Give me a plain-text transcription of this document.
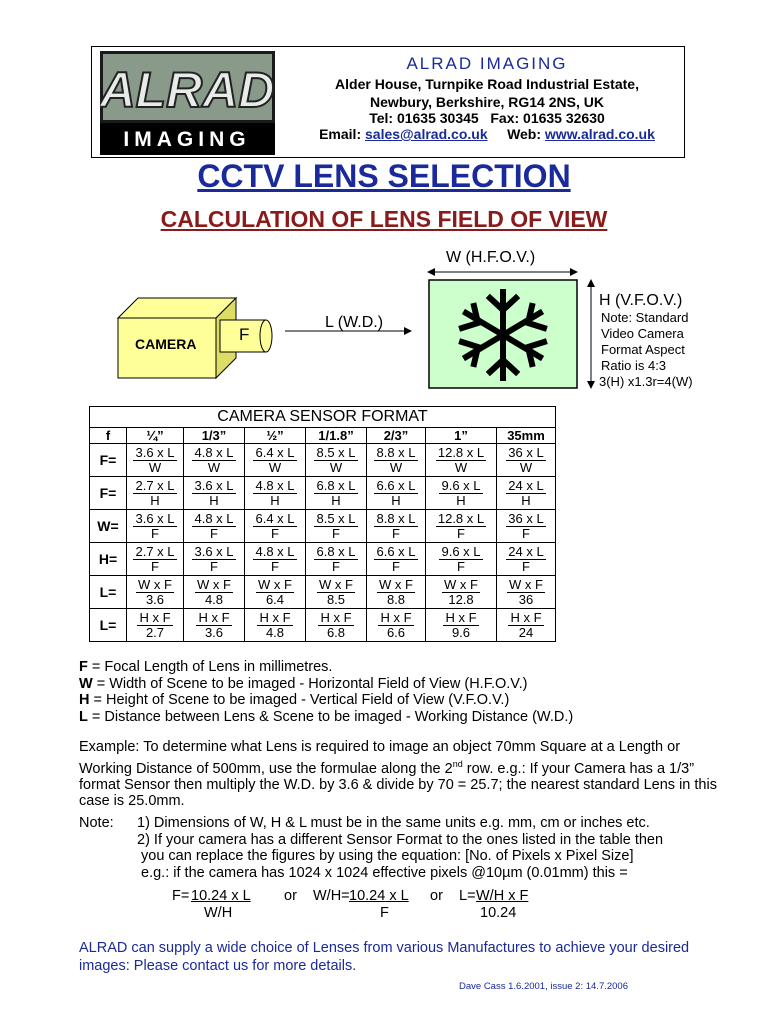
ALRAD
IMAGING
ALRAD IMAGING
Alder House, Turnpike Road Industrial Estate,
Newbury, Berkshire, RG14 2NS, UK
Tel: 01635 30345   Fax: 01635 32630
Email: sales@alrad.co.uk Web: www.alrad.co.uk
CCTV LENS SELECTION
CALCULATION OF LENS FIELD OF VIEW
W (H.F.O.V.)
H (V.F.O.V.)
L (W.D.)
CAMERA	F
Note: Standard
Video Camera
Format Aspect
Ratio is 4:3
3(H) x1.3r=4(W)
CAMERA SENSOR FORMAT							
f	¼”	1/3”	½”	1/1.8”	2/3”	1”	35mm
F=	$\frac{\text{3.6 x L}}{W}$	$\frac{\text{4.8 x L}}{W}$	$\frac{\text{6.4 x L}}{W}$	$\frac{\text{8.5 x L}}{W}$	$\frac{\text{8.8 x L}}{W}$	$\frac{\text{12.8 x L}}{W}$	$\frac{\text{36 x L}}{W}$

F=	$\frac{\text{2.7 x L}}{H}$	$\frac{\text{3.6 x L}}{H}$	$\frac{\text{4.8 x L}}{H}$	$\frac{\text{6.8 x L}}{H}$	$\frac{\text{6.6 x L}}{H}$	$\frac{\text{9.6 x L}}{H}$	$\frac{\text{24 x L}}{H}$

W=	$\frac{\text{3.6 x L}}{F}$	$\frac{\text{4.8 x L}}{F}$	$\frac{\text{6.4 x L}}{F}$	$\frac{\text{8.5 x L}}{F}$	$\frac{\text{8.8 x L}}{F}$	$\frac{\text{12.8 x L}}{F}$	$\frac{\text{36 x L}}{F}$

H=	$\frac{\text{2.7 x L}}{F}$	$\frac{\text{3.6 x L}}{F}$	$\frac{\text{4.8 x L}}{F}$	$\frac{\text{6.8 x L}}{F}$	$\frac{\text{6.6 x L}}{F}$	$\frac{\text{9.6 x L}}{F}$	$\frac{\text{24 x L}}{F}$

L=	$\frac{\text{W x F}}{3.6}$	$\frac{\text{W x F}}{4.8}$	$\frac{\text{W x F}}{6.4}$	$\frac{\text{W x F}}{8.5}$	$\frac{\text{W x F}}{8.8}$	$\frac{\text{W x F}}{12.8}$	$\frac{\text{W x F}}{36}$

L=	$\frac{\text{H x F}}{2.7}$	$\frac{\text{H x F}}{3.6}$	$\frac{\text{H x F}}{4.8}$	$\frac{\text{H x F}}{6.8}$	$\frac{\text{H x F}}{6.6}$	$\frac{\text{H x F}}{9.6}$	$\frac{\text{H x F}}{24}$
F = Focal Length of Lens in millimetres.
W = Width of Scene to be imaged - Horizontal Field of View (H.F.O.V.)
H = Height of Scene to be imaged - Vertical Field of View (V.F.O.V.)
L = Distance between Lens & Scene to be imaged - Working Distance (W.D.)
Example: To determine what Lens is required to image an object 70mm Square at a Length or Working Distance of 500mm, use the formulae along the 2nd row. e.g.: If your Camera has a 1/3” format Sensor then multiply the W.D. by 3.6 & divide by 70 = 25.7; the nearest standard Lens in this case is 25.0mm.
Note:	1) Dimensions of W, H & L must be in the same units e.g. mm, cm or inches etc.
2) If your camera has a different Sensor Format to the ones listed in the table then
you can replace the figures by using the equation: [No. of Pixels x Pixel Size]
e.g.: if the camera has 1024 x 1024 effective pixels @10µm (0.01mm) this =
F= 10.24 x L
W/H
or W/H= 10.24 x L
F
or L= W/H x F
10.24
ALRAD can supply a wide choice of Lenses from various Manufactures to achieve your desired images: Please contact us for more details.
Dave Cass 1.6.2001, issue 2: 14.7.2006
